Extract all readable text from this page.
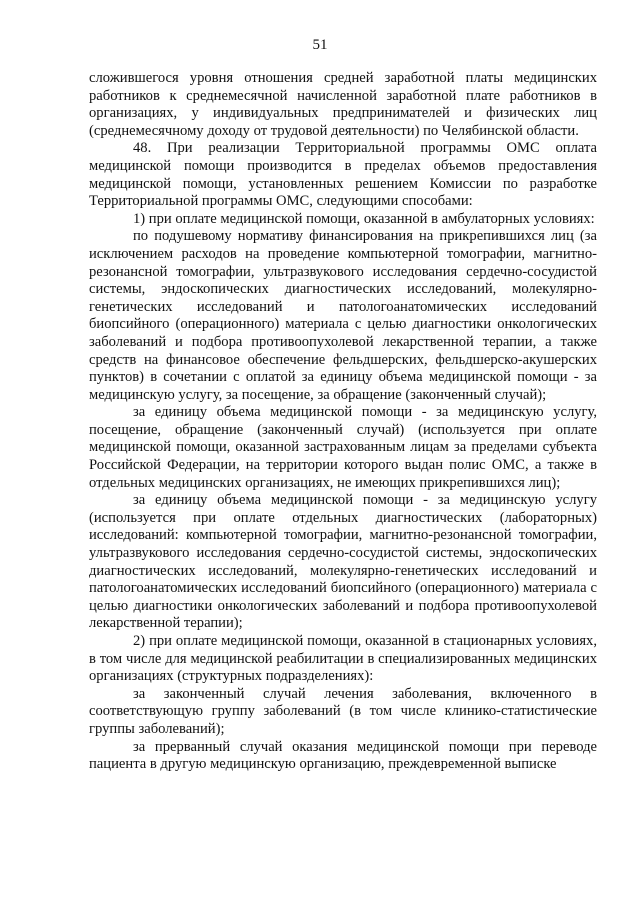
51

сложившегося уровня отношения средней заработной платы медицинских работников к среднемесячной начисленной заработной плате работников в организациях, у индивидуальных предпринимателей и физических лиц (среднемесячному доходу от трудовой деятельности) по Челябинской области.

48. При реализации Территориальной программы ОМС оплата медицинской помощи производится в пределах объемов предоставления медицинской помощи, установленных решением Комиссии по разработке Территориальной программы ОМС, следующими способами:

1) при оплате медицинской помощи, оказанной в амбулаторных условиях:

по подушевому нормативу финансирования на прикрепившихся лиц (за исключением расходов на проведение компьютерной томографии, магнитно-резонансной томографии, ультразвукового исследования сердечно-сосудистой системы, эндоскопических диагностических исследований, молекулярно-генетических исследований и патологоанатомических исследований биопсийного (операционного) материала с целью диагностики онкологических заболеваний и подбора противоопухолевой лекарственной терапии, а также средств на финансовое обеспечение фельдшерских, фельдшерско-акушерских пунктов) в сочетании с оплатой за единицу объема медицинской помощи - за медицинскую услугу, за посещение, за обращение (законченный случай);

за единицу объема медицинской помощи - за медицинскую услугу, посещение, обращение (законченный случай) (используется при оплате медицинской помощи, оказанной застрахованным лицам за пределами субъекта Российской Федерации, на территории которого выдан полис ОМС, а также в отдельных медицинских организациях, не имеющих прикрепившихся лиц);

за единицу объема медицинской помощи - за медицинскую услугу (используется при оплате отдельных диагностических (лабораторных) исследований: компьютерной томографии, магнитно-резонансной томографии, ультразвукового исследования сердечно-сосудистой системы, эндоскопических диагностических исследований, молекулярно-генетических исследований и патологоанатомических исследований биопсийного (операционного) материала с целью диагностики онкологических заболеваний и подбора противоопухолевой лекарственной терапии);

2) при оплате медицинской помощи, оказанной в стационарных условиях, в том числе для медицинской реабилитации в специализированных медицинских организациях (структурных подразделениях):

за законченный случай лечения заболевания, включенного в соответствующую группу заболеваний (в том числе клинико-статистические группы заболеваний);

за прерванный случай оказания медицинской помощи при переводе пациента в другую медицинскую организацию, преждевременной выписке
